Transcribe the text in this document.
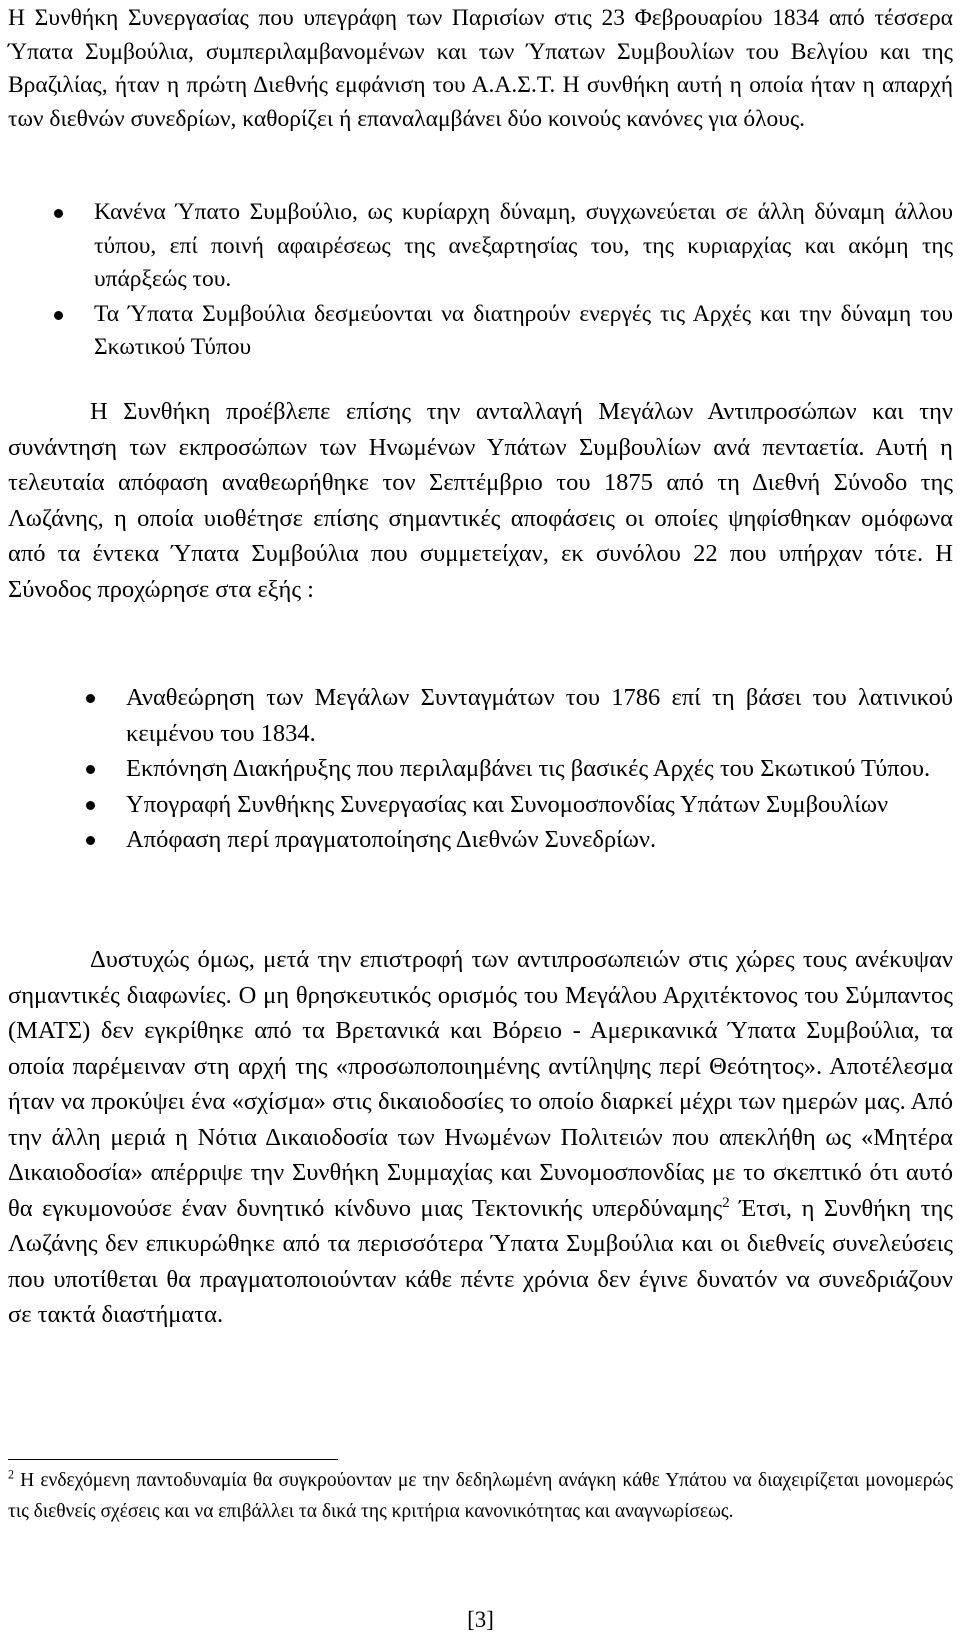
Η Συνθήκη Συνεργασίας που υπεγράφη των Παρισίων στις 23 Φεβρουαρίου 1834 από τέσσερα Ύπατα Συμβούλια, συμπεριλαμβανομένων και των Ύπατων Συμβουλίων του Βελγίου και της Βραζιλίας, ήταν η πρώτη Διεθνής εμφάνιση του Α.Α.Σ.Τ. Η συνθήκη αυτή η οποία ήταν η απαρχή των διεθνών συνεδρίων, καθορίζει ή επαναλαμβάνει δύο κοινούς κανόνες για όλους.

Κανένα Ύπατο Συμβούλιο, ως κυρίαρχη δύναμη, συγχωνεύεται σε άλλη δύναμη άλλου τύπου, επί ποινή αφαιρέσεως της ανεξαρτησίας του, της κυριαρχίας και ακόμη της υπάρξεώς του.
Τα Ύπατα Συμβούλια δεσμεύονται να διατηρούν ενεργές τις Αρχές και την δύναμη του Σκωτικού Τύπου

Η Συνθήκη προέβλεπε επίσης την ανταλλαγή Μεγάλων Αντιπροσώπων και την συνάντηση των εκπροσώπων των Ηνωμένων Υπάτων Συμβουλίων ανά πενταετία. Αυτή η τελευταία απόφαση αναθεωρήθηκε τον Σεπτέμβριο του 1875 από τη Διεθνή Σύνοδο της Λωζάνης, η οποία υιοθέτησε επίσης σημαντικές αποφάσεις οι οποίες ψηφίσθηκαν ομόφωνα από τα έντεκα Ύπατα Συμβούλια που συμμετείχαν, εκ συνόλου 22 που υπήρχαν τότε. Η Σύνοδος προχώρησε στα εξής :

Αναθεώρηση των Μεγάλων Συνταγμάτων του 1786 επί τη βάσει του λατινικού κειμένου του 1834.
Εκπόνηση Διακήρυξης που περιλαμβάνει τις βασικές Αρχές του Σκωτικού Τύπου.
Υπογραφή Συνθήκης Συνεργασίας και Συνομοσπονδίας Υπάτων Συμβουλίων
Απόφαση περί πραγματοποίησης Διεθνών Συνεδρίων.

Δυστυχώς όμως, μετά την επιστροφή των αντιπροσωπειών στις χώρες τους ανέκυψαν σημαντικές διαφωνίες. Ο μη θρησκευτικός ορισμός του Μεγάλου Αρχιτέκτονος του Σύμπαντος (ΜΑΤΣ) δεν εγκρίθηκε από τα Βρετανικά και Βόρειο - Αμερικανικά Ύπατα Συμβούλια, τα οποία παρέμειναν στη αρχή της «προσωποποιημένης αντίληψης περί Θεότητος». Αποτέλεσμα ήταν να προκύψει ένα «σχίσμα» στις δικαιοδοσίες το οποίο διαρκεί μέχρι των ημερών μας. Από την άλλη μεριά η Νότια Δικαιοδοσία των Ηνωμένων Πολιτειών που απεκλήθη ως «Μητέρα Δικαιοδοσία» απέρριψε την Συνθήκη Συμμαχίας και Συνομοσπονδίας με το σκεπτικό ότι αυτό θα εγκυμονούσε έναν δυνητικό κίνδυνο μιας Τεκτονικής υπερδύναμης$^2$ Έτσι, η Συνθήκη της Λωζάνης δεν επικυρώθηκε από τα περισσότερα Ύπατα Συμβούλια και οι διεθνείς συνελεύσεις που υποτίθεται θα πραγματοποιούνταν κάθε πέντε χρόνια δεν έγινε δυνατόν να συνεδριάζουν σε τακτά διαστήματα.

$^2$ Η ενδεχόμενη παντοδυναμία θα συγκρούονταν με την δεδηλωμένη ανάγκη κάθε Υπάτου να διαχειρίζεται μονομερώς τις διεθνείς σχέσεις και να επιβάλλει τα δικά της κριτήρια κανονικότητας και αναγνωρίσεως.

[3]
